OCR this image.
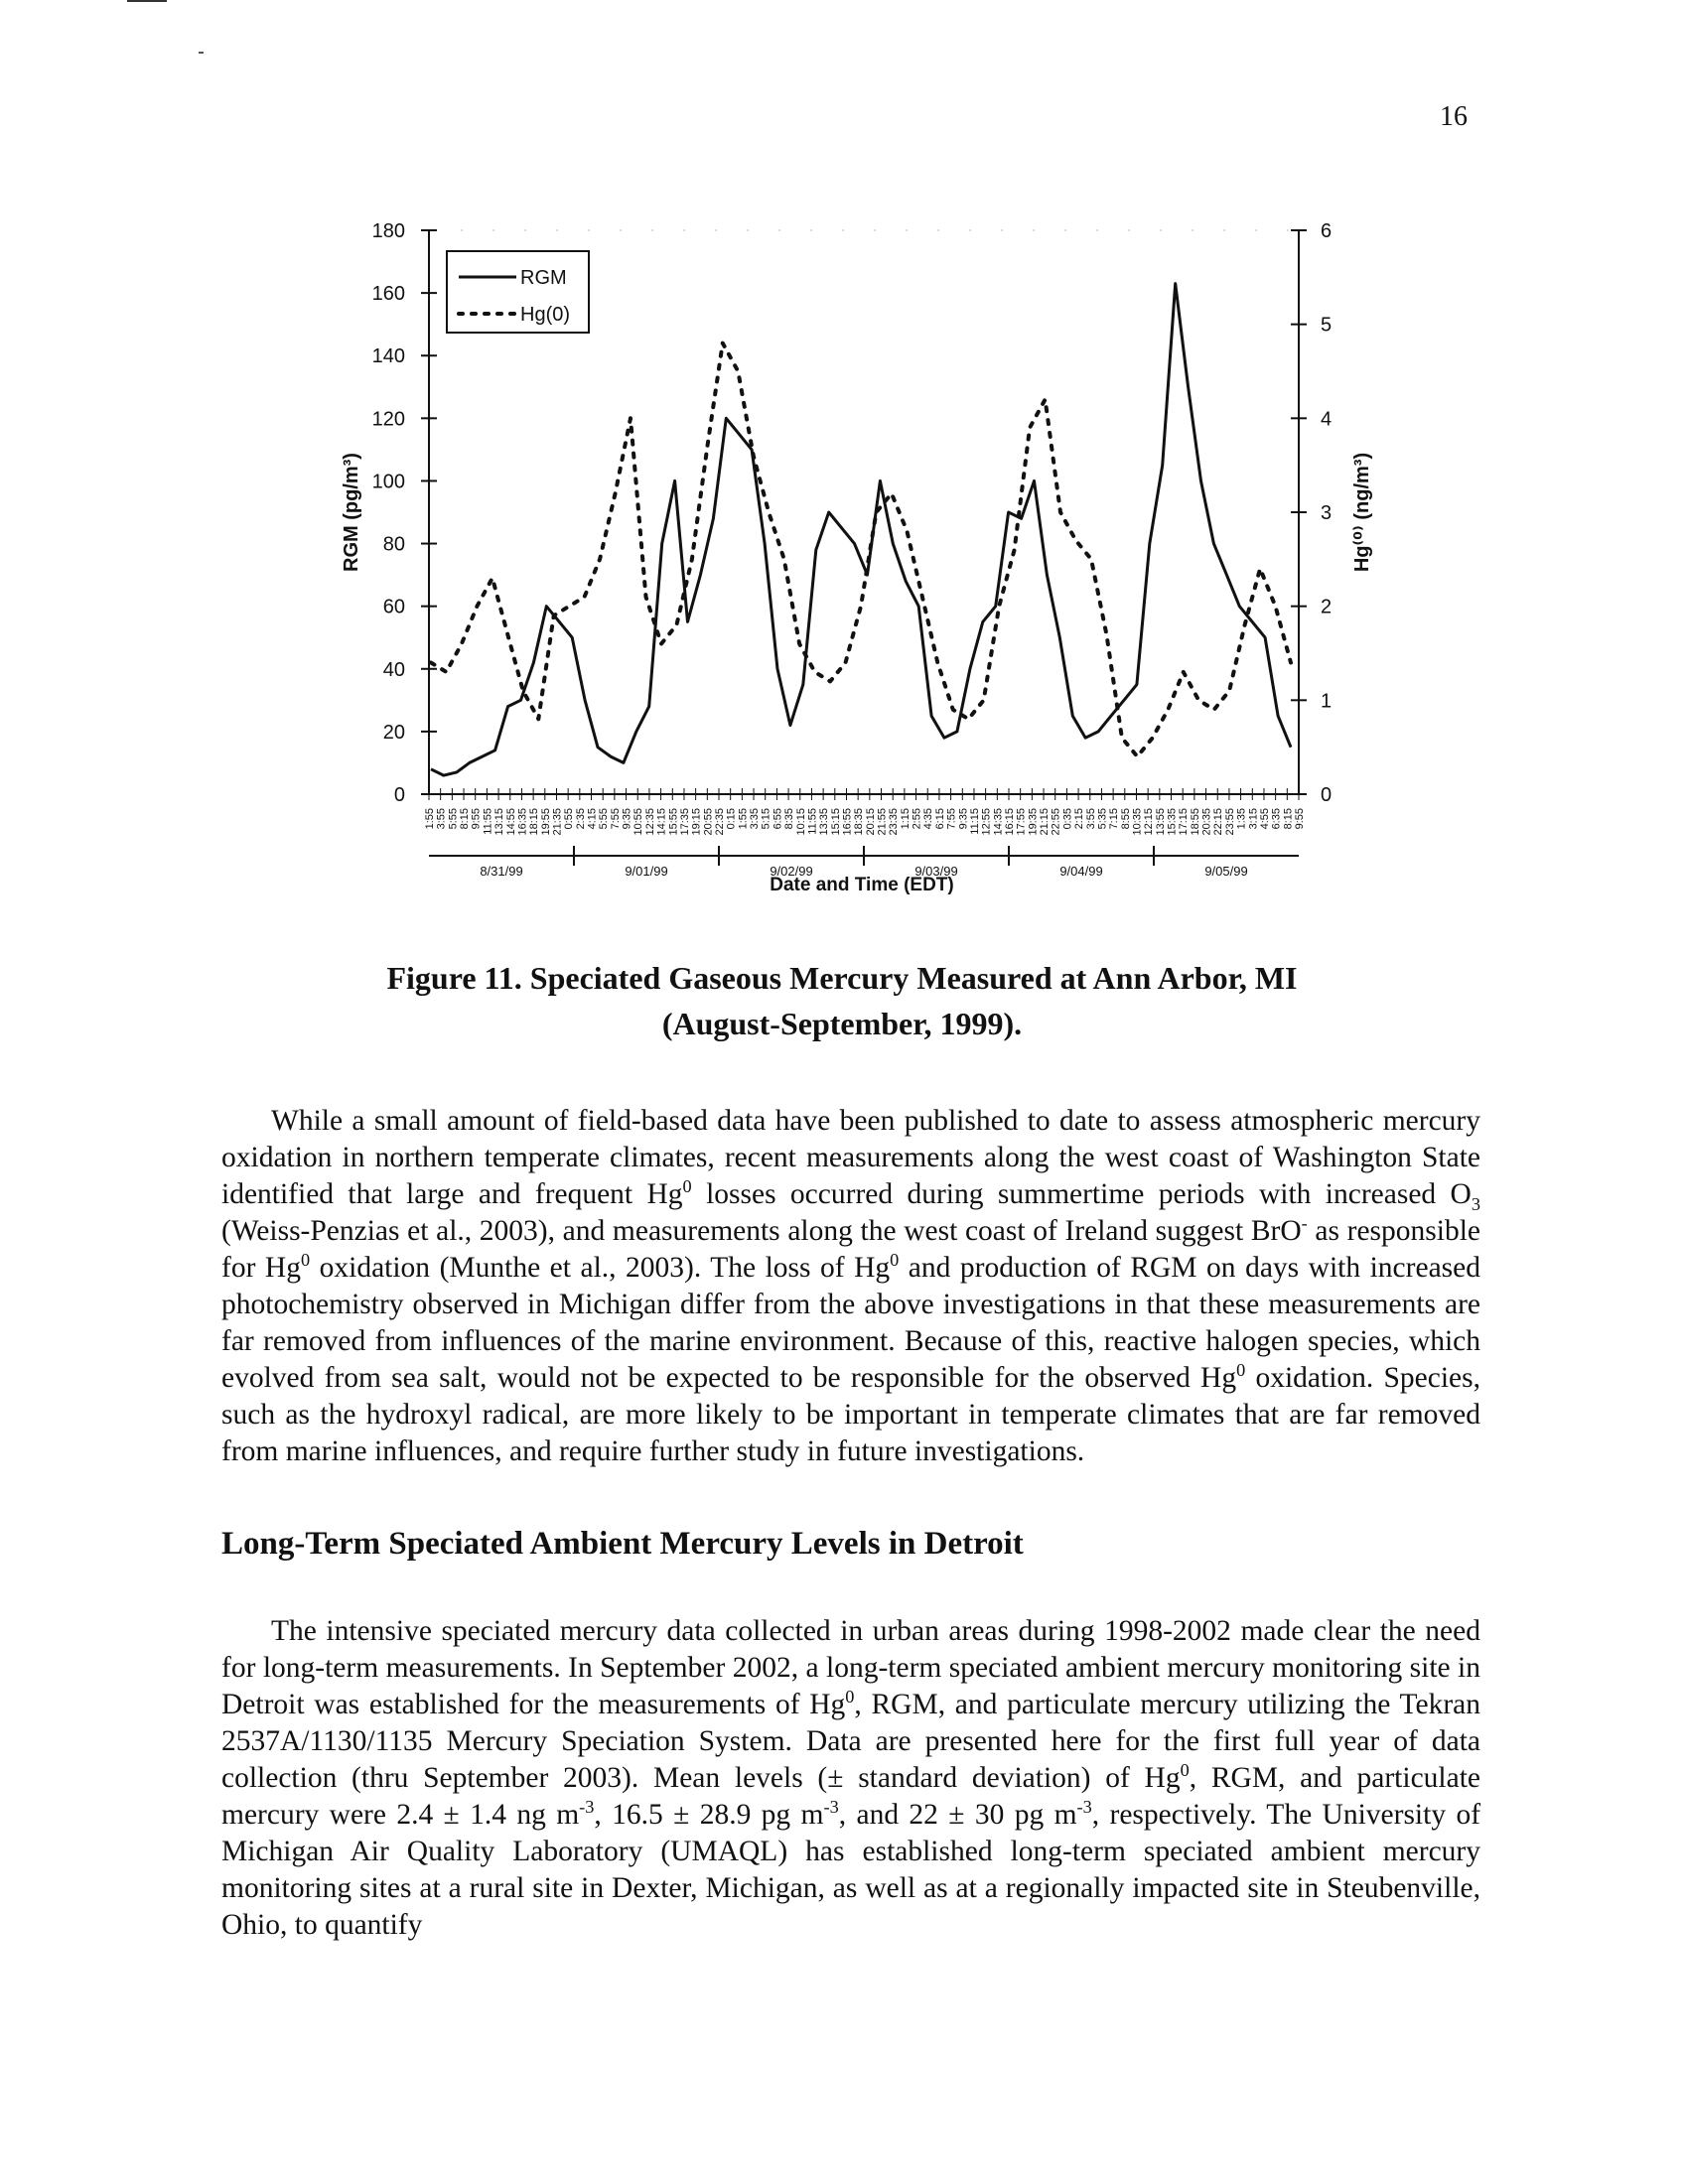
16
0
20
40
60
80
100
120
140
160
180
0
1
2
3
4
5
6
1:55 3:55 5:55 8:15 9:55 11:55 13:15 14:55 16:35 18:15 19:55 21:35 0:55 2:35 4:15 5:55 7:55 9:35 10:55 12:35 14:15 15:55 17:35 19:15 20:55 22:35 0:15 1:55 3:35 5:15 6:55 8:35 10:15 11:55 13:35 15:15 16:55 18:35 20:15 21:55 23:35 1:15 2:55 4:35 6:15 7:55 9:35 11:15 12:55 14:35 16:15 17:55 19:35 21:15 22:55 0:35 2:15 3:55 5:35 7:15 8:55 10:35 12:15 13:55 15:35 17:15 18:55 20:35 22:15 23:55 1:35 3:15 4:55 6:35 8:15 9:55
8/31/99	9/01/99	9/02/99	9/03/99	9/04/99	9/05/99
RGM
Hg(0)
RGM (pg/m³)	Hg⁽⁰⁾ (ng/m³)
Date and Time (EDT)
Figure 11. Speciated Gaseous Mercury Measured at Ann Arbor, MI
(August-September, 1999).

While a small amount of field-based data have been published to date to assess atmospheric mercury oxidation in northern temperate climates, recent measurements along the west coast of Washington State identified that large and frequent Hg$^0$ losses occurred during summertime periods with increased $O_3$ (Weiss-Penzias et al., 2003), and measurements along the west coast of Ireland suggest BrO- as responsible for Hg$^0$ oxidation (Munthe et al., 2003). The loss of Hg$^0$ and production of RGM on days with increased photochemistry observed in Michigan differ from the above investigations in that these measurements are far removed from influences of the marine environment. Because of this, reactive halogen species, which evolved from sea salt, would not be expected to be responsible for the observed Hg$^0$ oxidation. Species, such as the hydroxyl radical, are more likely to be important in temperate climates that are far removed from marine influences, and require further study in future investigations.

Long-Term Speciated Ambient Mercury Levels in Detroit

The intensive speciated mercury data collected in urban areas during 1998-2002 made clear the need for long-term measurements. In September 2002, a long-term speciated ambient mercury monitoring site in Detroit was established for the measurements of Hg$^0$, RGM, and particulate mercury utilizing the Tekran 2537A/1130/1135 Mercury Speciation System. Data are presented here for the first full year of data collection (thru September 2003). Mean levels (± standard deviation) of Hg$^0$, RGM, and particulate mercury were 2.4 ± 1.4 ng $m^{-3}$, 16.5 ± 28.9 pg $m^{-3}$, and 22 ± 30 pg $m^{-3}$, respectively. The University of Michigan Air Quality Laboratory (UMAQL) has established long-term speciated ambient mercury monitoring sites at a rural site in Dexter, Michigan, as well as at a regionally impacted site in Steubenville, Ohio, to quantify
